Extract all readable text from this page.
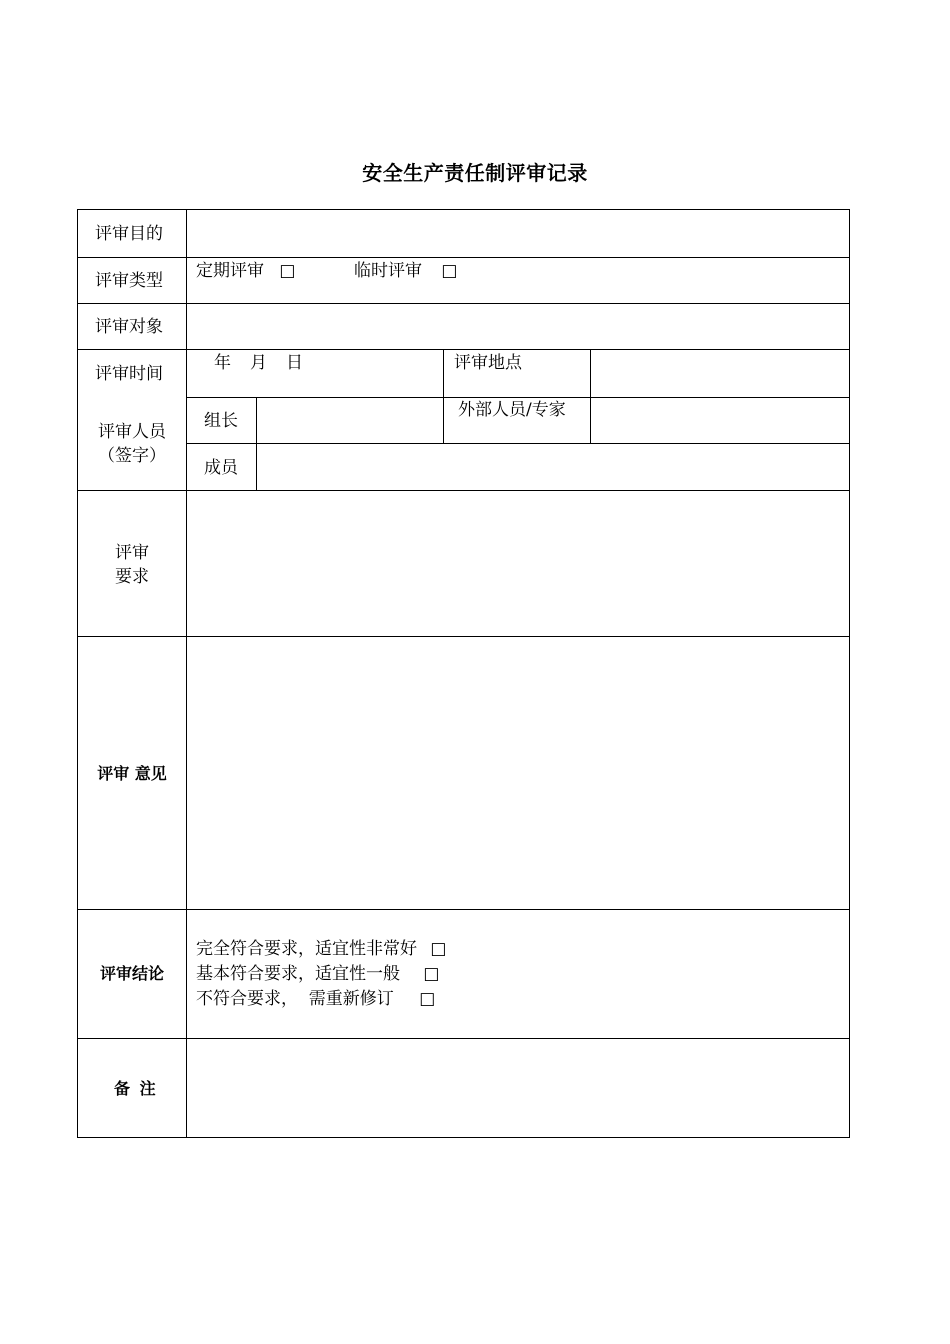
安全生产责任制评审记录
评审目的
评审类型 定期评审 □	临时评审 □
评审对象
评审时间
年　月　日	评审地点
评审人员
（签字）
组长
外部人员/专家
成员
评审
要求
评审 意见
评审结论
完全符合要求，适宜性非常好 □
基本符合要求，适宜性一般 □
不符合要求，  需重新修订 □
备 注
